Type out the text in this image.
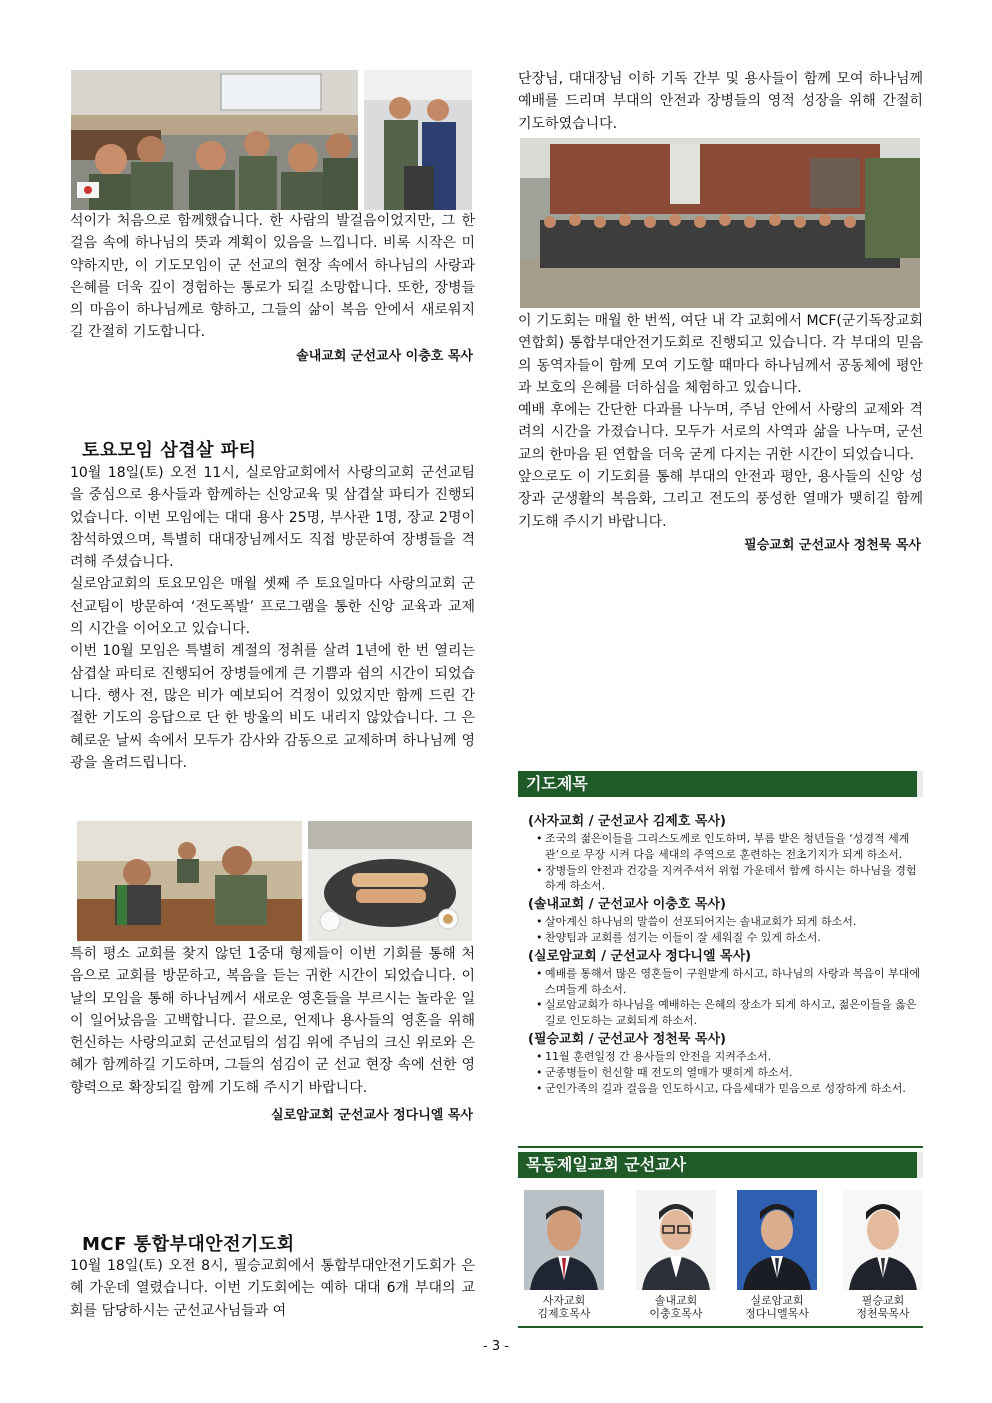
석이가 처음으로 함께했습니다. 한 사람의 발걸음이었지만, 그 한 걸음 속에 하나님의 뜻과 계획이 있음을 느낍니다. 비록 시작은 미약하지만, 이 기도모임이 군 선교의 현장 속에서 하나님의 사랑과 은혜를 더욱 깊이 경험하는 통로가 되길 소망합니다. 또한, 장병들의 마음이 하나님께로 향하고, 그들의 삶이 복음 안에서 새로워지길 간절히 기도합니다.

솔내교회 군선교사 이충호 목사
토요모임 삼겹살 파티

10월 18일(토) 오전 11시, 실로암교회에서 사랑의교회 군선교팀을 중심으로 용사들과 함께하는 신앙교육 및 삼겹살 파티가 진행되었습니다. 이번 모임에는 대대 용사 25명, 부사관 1명, 장교 2명이 참석하였으며, 특별히 대대장님께서도 직접 방문하여 장병들을 격려해 주셨습니다.

실로암교회의 토요모임은 매월 셋째 주 토요일마다 사랑의교회 군선교팀이 방문하여 ‘전도폭발’ 프로그램을 통한 신앙 교육과 교제의 시간을 이어오고 있습니다.

이번 10월 모임은 특별히 계절의 정취를 살려 1년에 한 번 열리는 삼겹살 파티로 진행되어 장병들에게 큰 기쁨과 쉼의 시간이 되었습니다. 행사 전, 많은 비가 예보되어 걱정이 있었지만 함께 드린 간절한 기도의 응답으로 단 한 방울의 비도 내리지 않았습니다. 그 은혜로운 날씨 속에서 모두가 감사와 감동으로 교제하며 하나님께 영광을 올려드립니다.

특히 평소 교회를 찾지 않던 1중대 형제들이 이번 기회를 통해 처음으로 교회를 방문하고, 복음을 듣는 귀한 시간이 되었습니다. 이날의 모임을 통해 하나님께서 새로운 영혼들을 부르시는 놀라운 일이 일어났음을 고백합니다. 끝으로, 언제나 용사들의 영혼을 위해 헌신하는 사랑의교회 군선교팀의 섬김 위에 주님의 크신 위로와 은혜가 함께하길 기도하며, 그들의 섬김이 군 선교 현장 속에 선한 영향력으로 확장되길 함께 기도해 주시기 바랍니다.

실로암교회 군선교사 정다니엘 목사
MCF 통합부대안전기도회

10월 18일(토) 오전 8시, 필승교회에서 통합부대안전기도회가 은혜 가운데 열렸습니다. 이번 기도회에는 예하 대대 6개 부대의 교회를 담당하시는 군선교사님들과 여

단장님, 대대장님 이하 기독 간부 및 용사들이 함께 모여 하나님께 예배를 드리며 부대의 안전과 장병들의 영적 성장을 위해 간절히 기도하였습니다.

이 기도회는 매월 한 번씩, 여단 내 각 교회에서 MCF(군기독장교회연합회) 통합부대안전기도회로 진행되고 있습니다. 각 부대의 믿음의 동역자들이 함께 모여 기도할 때마다 하나님께서 공동체에 평안과 보호의 은혜를 더하심을 체험하고 있습니다.

예배 후에는 간단한 다과를 나누며, 주님 안에서 사랑의 교제와 격려의 시간을 가졌습니다. 모두가 서로의 사역과 삶을 나누며, 군선교의 한마음 된 연합을 더욱 굳게 다지는 귀한 시간이 되었습니다.

앞으로도 이 기도회를 통해 부대의 안전과 평안, 용사들의 신앙 성장과 군생활의 복음화, 그리고 전도의 풍성한 열매가 맺히길 함께 기도해 주시기 바랍니다.

필승교회 군선교사 정천묵 목사
기도제목
(사자교회 / 군선교사 김제호 목사)
• 조국의 젊은이들을 그리스도께로 인도하며, 부름 받은 청년들을 ‘성경적 세계관’으로 무장 시켜 다음 세대의 주역으로 훈련하는 전초기지가 되게 하소서.
• 장병들의 안전과 건강을 지켜주셔서 위험 가운데서 함께 하시는 하나님을 경험하게 하소서.
(솔내교회 / 군선교사 이충호 목사)
• 살아계신 하나님의 말씀이 선포되어지는 솔내교회가 되게 하소서.
• 찬양팀과 교회를 섬기는 이들이 잘 세워질 수 있게 하소서.
(실로암교회 / 군선교사 정다니엘 목사)
• 예배를 통해서 많은 영혼들이 구원받게 하시고, 하나님의 사랑과 복음이 부대에 스며들게 하소서.
• 실로암교회가 하나님을 예배하는 은혜의 장소가 되게 하시고, 젊은이들을 옳은 길로 인도하는 교회되게 하소서.
(필승교회 / 군선교사 정천묵 목사)
• 11월 훈련일정 간 용사들의 안전을 지켜주소서.
• 군종병들이 헌신할 때 전도의 열매가 맺히게 하소서.
• 군인가족의 길과 걸음을 인도하시고, 다음세대가 믿음으로 성장하게 하소서.
목동제일교회 군선교사
사자교회
김제호목사
솔내교회
이충호목사
실로암교회
정다니엘목사
필승교회
정천묵목사
- 3 -
